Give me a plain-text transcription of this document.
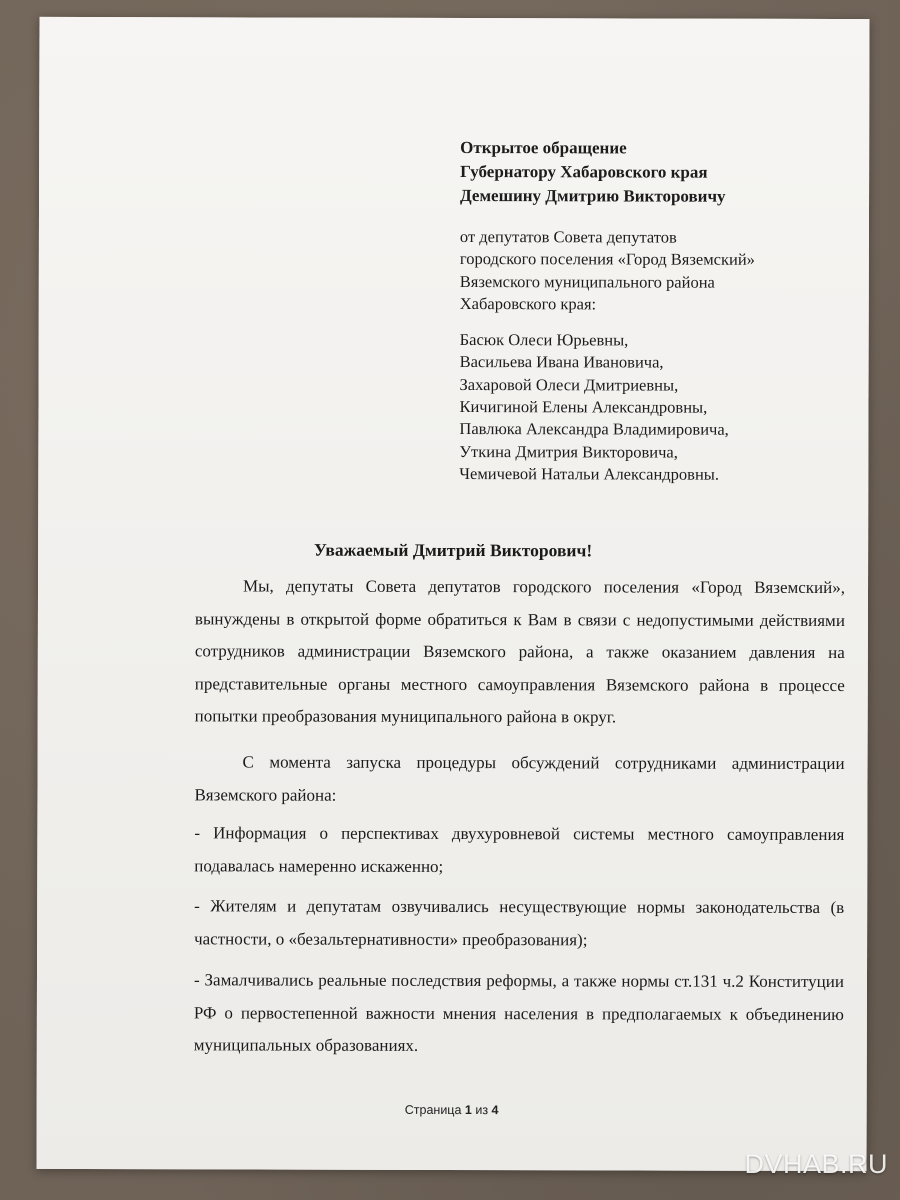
Открытое обращение
Губернатору Хабаровского края
Демешину Дмитрию Викторовичу
от депутатов Совета депутатов
городского поселения «Город Вяземский»
Вяземского муниципального района
Хабаровского края:
Басюк Олеси Юрьевны,
Васильева Ивана Ивановича,
Захаровой Олеси Дмитриевны,
Кичигиной Елены Александровны,
Павлюка Александра Владимировича,
Уткина Дмитрия Викторовича,
Чемичевой Натальи Александровны.
Уважаемый Дмитрий Викторович!

Мы, депутаты Совета депутатов городского поселения «Город Вяземский», вынуждены в открытой форме обратиться к Вам в связи с недопустимыми действиями сотрудников администрации Вяземского района, а также оказанием давления на представительные органы местного самоуправления Вяземского района в процессе попытки преобразования муниципального района в округ.

С момента запуска процедуры обсуждений сотрудниками администрации Вяземского района:

- Информация о перспективах двухуровневой системы местного самоуправления подавалась намеренно искаженно;

- Жителям и депутатам озвучивались несуществующие нормы законодательства (в частности, о «безальтернативности» преобразования);

- Замалчивались реальные последствия реформы, а также нормы ст.131 ч.2 Конституции РФ о первостепенной важности мнения населения в предполагаемых к объединению муниципальных образованиях.

Страница 1 из 4
DVHAB.RU
